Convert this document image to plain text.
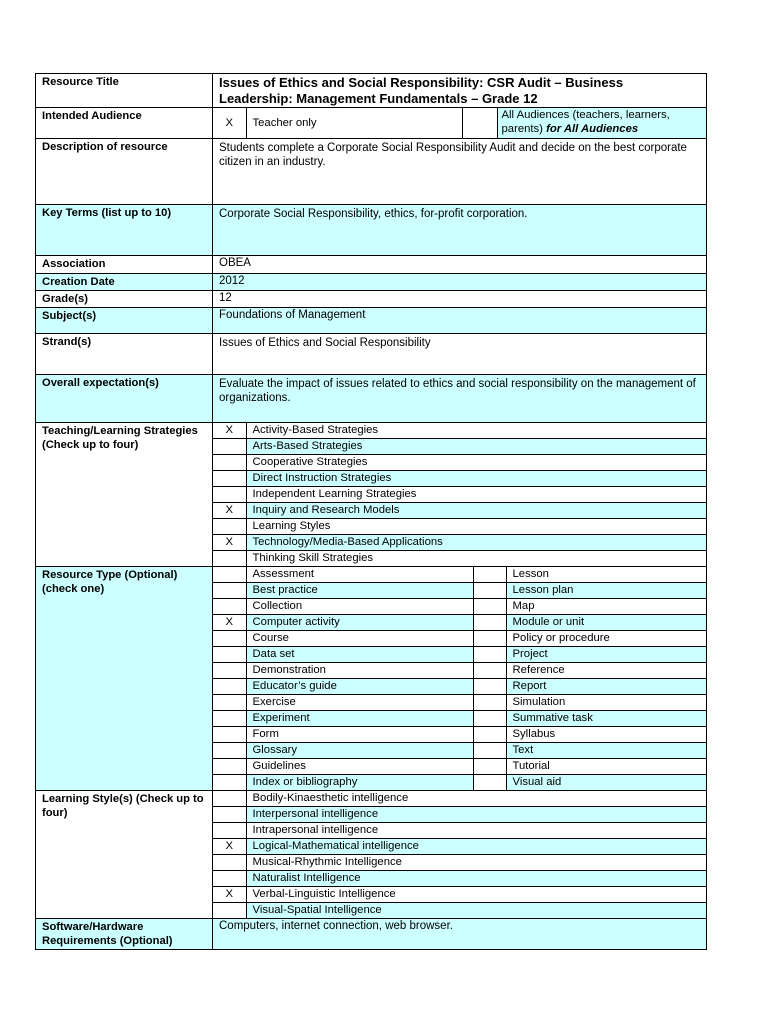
Resource Title	Issues of Ethics and Social Responsibility: CSR Audit – Business Leadership: Management Fundamentals – Grade 12
Intended Audience	
X	Teacher only		All Audiences (teachers, learners, parents) for All Audiences

Description of resource	Students complete a Corporate Social Responsibility Audit and decide on the best corporate citizen in an industry.
Key Terms (list up to 10)	Corporate Social Responsibility, ethics, for-profit corporation.
Association	OBEA
Creation Date	2012
Grade(s)	12
Subject(s)	Foundations of Management
Strand(s)	Issues of Ethics and Social Responsibility
Overall expectation(s)	Evaluate the impact of issues related to ethics and social responsibility on the management of organizations.
Teaching/Learning Strategies (Check up to four)	
X	Activity-Based Strategies
	Arts-Based Strategies
	Cooperative Strategies
	Direct Instruction Strategies
	Independent Learning Strategies
X	Inquiry and Research Models
	Learning Styles
X	Technology/Media-Based Applications
	Thinking Skill Strategies

Resource Type (Optional) (check one)	
	Assessment		Lesson
	Best practice		Lesson plan
	Collection		Map
X	Computer activity		Module or unit
	Course		Policy or procedure
	Data set		Project
	Demonstration		Reference
	Educator’s guide		Report
	Exercise		Simulation
	Experiment		Summative task
	Form		Syllabus
	Glossary		Text
	Guidelines		Tutorial
	Index or bibliography		Visual aid

Learning Style(s) (Check up to four)	
	Bodily-Kinaesthetic intelligence
	Interpersonal intelligence
	Intrapersonal intelligence
X	Logical-Mathematical intelligence
	Musical-Rhythmic Intelligence
	Naturalist Intelligence
X	Verbal-Linguistic Intelligence
	Visual-Spatial Intelligence

Software/Hardware Requirements (Optional)	Computers, internet connection, web browser.
